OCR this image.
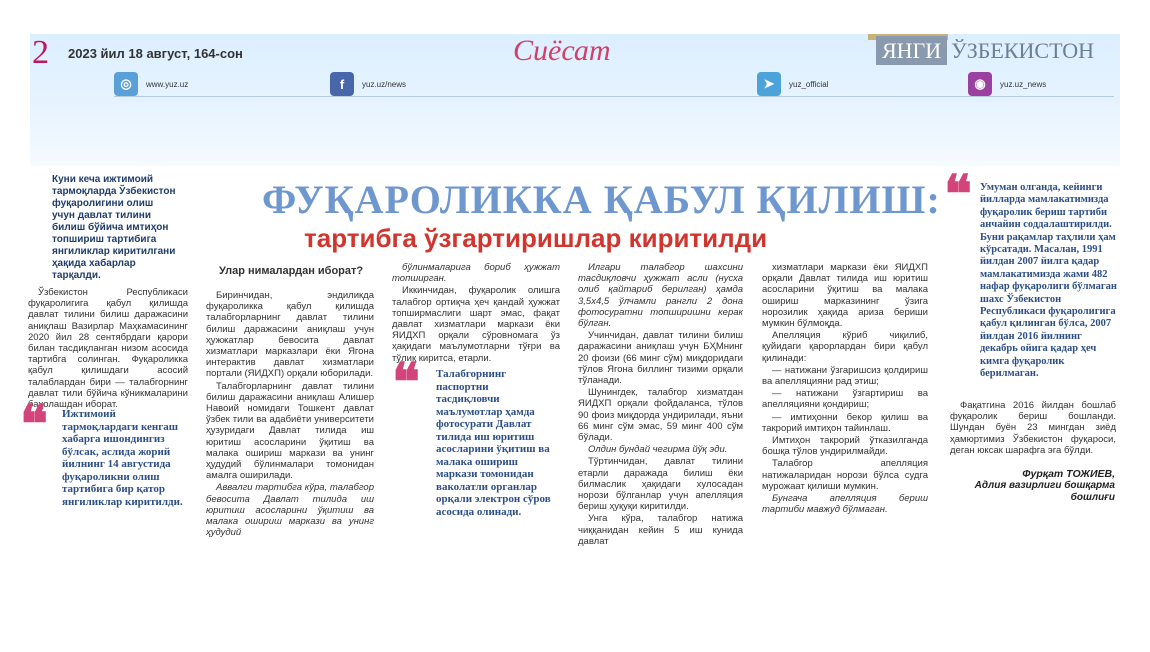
2 2023 йил 18 август, 164-сон	Сиёсат	ЯНГИ ЎЗБЕКИСТОН
◎	www.yuz.uz	f	yuz.uz/news	➤	yuz_official	◉	yuz.uz_news
ФУҚАРОЛИККА ҚАБУЛ ҚИЛИШ:
тартибга ўзгартиришлар киритилди
Куни кеча ижтимоий тармоқларда Ўзбекистон фуқаролигини олиш учун давлат тилини билиш бўйича имтиҳон топшириш тартибига янгиликлар киритилгани ҳақида хабарлар тарқалди.

Ўзбекистон Республикаси фуқаролигига қабул қилишда давлат тилини билиш даражасини аниқлаш Вазирлар Маҳкамасининг 2020 йил 28 сентябрдаги қарори билан тасдиқланган низом асосида тартибга солинган. Фуқароликка қабул қилишдаги асосий талаблардан бири — талабгорнинг давлат тили бўйича кўникмаларини баҳолашдан иборат.

❝ Ижтимоий тармоқлардаги кенгаш хабарга ишондингиз бўлсак, аслида жорий йилнинг 14 августида фуқароликни олиш тартибига бир қатор янгиликлар киритилди.
Улар нималардан иборат?

Биринчидан, эндиликда фуқароликка қабул қилишда талабгорларнинг давлат тилини билиш даражасини аниқлаш учун ҳужжатлар бевосита давлат хизматлари марказлари ёки Ягона интерактив давлат хизматлари портали (ЯИДХП) орқали юборилади.

Талабгорларнинг давлат тилини билиш даражасини аниқлаш Алишер Навоий номидаги Тошкент давлат ўзбек тили ва адабиёти университети ҳузуридаги Давлат тилида иш юритиш асосларини ўқитиш ва малака ошириш маркази ва унинг ҳудудий бўлинмалари томонидан амалга оширилади.

Аввалги тартибга кўра, талабгор бевосита Давлат тилида иш юритиш асосларини ўқитиш ва малака ошириш маркази ва унинг ҳудудий

бўлинмаларига бориб ҳужжат топширган.

Иккинчидан, фуқаролик олишга талабгор ортиқча ҳеч қандай ҳужжат топширмаслиги шарт эмас, фақат давлат хизматлари маркази ёки ЯИДХП орқали сўровномага ўз ҳақидаги маълумотларни тўғри ва тўлиқ киритса, етарли.

❝ Талабгорнинг паспортни тасдиқловчи маълумотлар ҳамда фотосурати Давлат тилида иш юритиш асосларини ўқитиш ва малака ошириш маркази томонидан ваколатли органлар орқали электрон сўров асосида олинади.

Илгари талабгор шахсини тасдиқловчи ҳужжат асли (нусха олиб қайтариб берилган) ҳамда 3,5х4,5 ўлчамли рангли 2 дона фотосуратни топширишни керак бўлган.

Учинчидан, давлат тилини билиш даражасини аниқлаш учун БҲМнинг 20 фоизи (66 минг сўм) миқдоридаги тўлов Ягона биллинг тизими орқали тўланади.

Шунингдек, талабгор хизматдан ЯИДХП орқали фойдаланса, тўлов 90 фоиз миқдорда ундирилади, яъни 66 минг сўм эмас, 59 минг 400 сўм бўлади.

Олдин бундай чегирма йўқ эди.

Тўртинчидан, давлат тилини етарли даражада билиш ёки билмаслик ҳақидаги хулосадан норози бўлганлар учун апелляция бериш ҳуқуқи киритилди.

Унга кўра, талабгор натижа чиққанидан кейин 5 иш кунида давлат

хизматлари маркази ёки ЯИДХП орқали Давлат тилида иш юритиш асосларини ўқитиш ва малака ошириш марказининг ўзига норозилик ҳақида ариза бериши мумкин бўлмоқда.

Апелляция кўриб чиқилиб, қуйидаги қарорлардан бири қабул қилинади:

— натижани ўзгаришсиз қолдириш ва апелляцияни рад этиш;

— натижани ўзгартириш ва апелляцияни қондириш;

— имтиҳонни бекор қилиш ва такрорий имтиҳон тайинлаш.

Имтиҳон такрорий ўтказилганда бошқа тўлов ундирилмайди.

Талабгор апелляция натижаларидан норози бўлса судга мурожаат қилиши мумкин.

Бунгача апелляция бериш тартиби мавжуд бўлмаган.

❝ Умуман олганда, кейинги йилларда мамлакатимизда фуқаролик бериш тартиби анчайин соддалаштирилди. Буни рақамлар таҳлили ҳам кўрсатади. Масалан, 1991 йилдан 2007 йилга қадар мамлакатимизда жами 482 нафар фуқаролиги бўлмаган шахс Ўзбекистон Республикаси фуқаролигига қабул қилинган бўлса, 2007 йилдан 2016 йилнинг декабрь ойига қадар ҳеч кимга фуқаролик берилмаган.

Фақатгина 2016 йилдан бошлаб фуқаролик бериш бошланди. Шундан буён 23 мингдан зиёд ҳамюртимиз Ўзбекистон фуқароси, деган юксак шарафга эга бўлди.

Фурқат ТОЖИЕВ,
Адлия вазирлиги бошқарма бошлиғи
